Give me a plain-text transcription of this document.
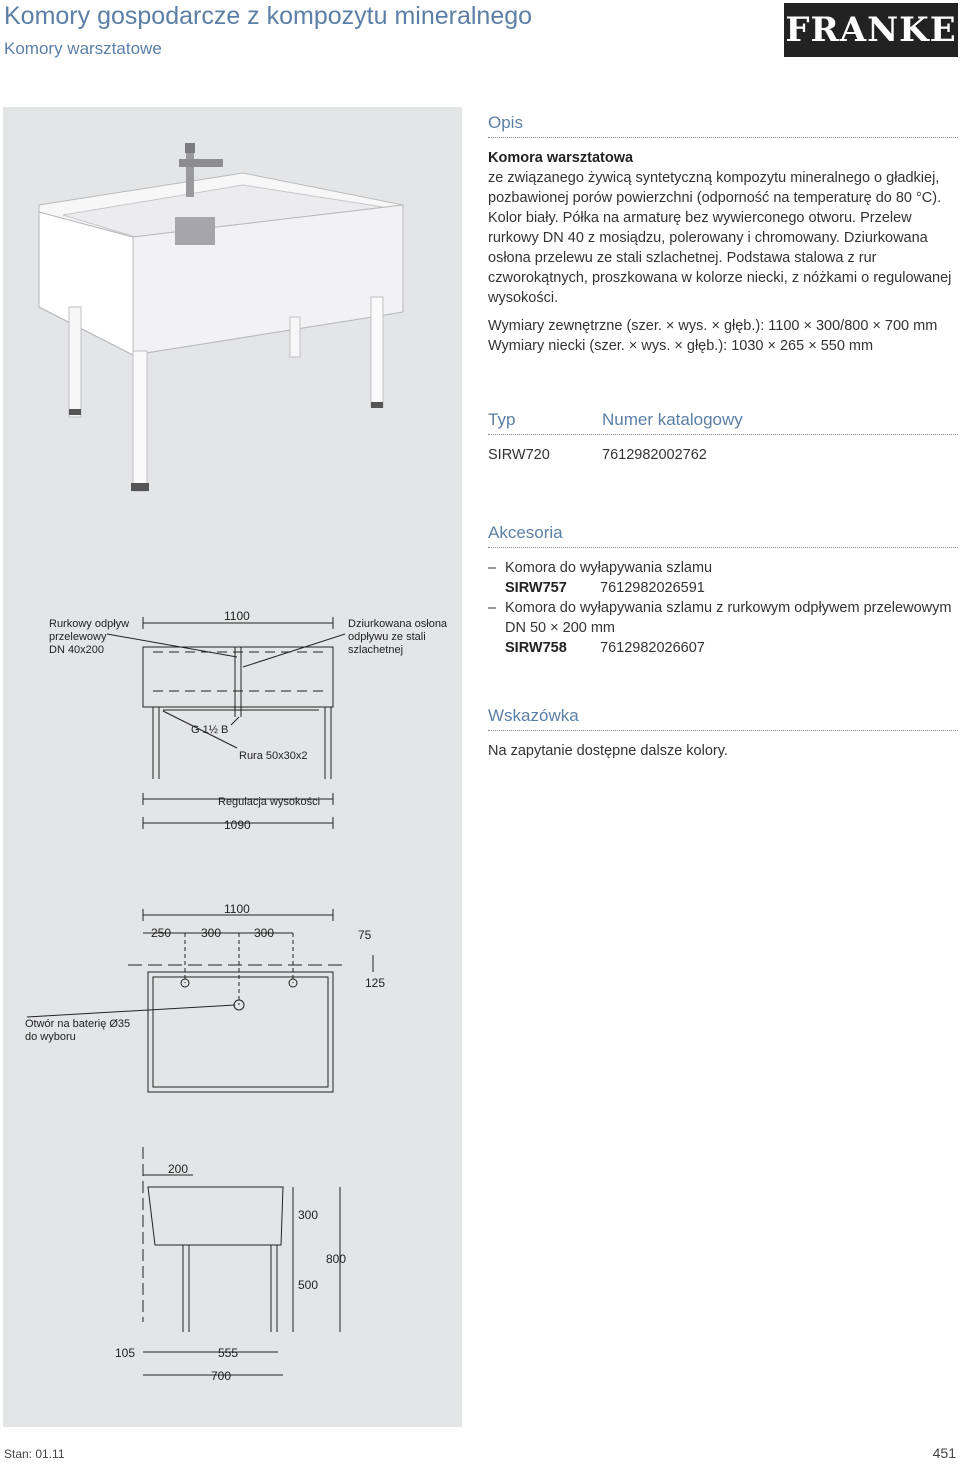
Komory gospodarcze z kompozytu mineralnego
Komory warsztatowe	FRANKE
Rurkowy odpływ
przelewowy
DN 40x200
1100
Dziurkowana osłona
odpływu ze stali
szlachetnej
G 1½ B
Rura 50x30x2
Regulacja wysokości
1090
1100
250 300	300	75
125
Otwór na baterię Ø35
do wyboru
200
300
800
500
105	555
700
Opis
Komora warsztatowa
ze związanego żywicą syntetyczną kompozytu mineralnego o gładkiej, pozbawionej porów powierzchni (odporność na temperaturę do 80 °C). Kolor biały. Półka na armaturę bez wywierconego otworu. Przelew rurkowy DN 40 z mosiądzu, polerowany i chromowany. Dziurkowana osłona przelewu ze stali szlachetnej. Podstawa stalowa z rur czworokątnych, proszkowana w kolorze niecki, z nóżkami o regulowanej wysokości.
Wymiary zewnętrzne (szer. × wys. × głęb.): 1100 × 300/800 × 700 mm
Wymiary niecki (szer. × wys. × głęb.): 1030 × 265 × 550 mm
Typ	Numer katalogowy
SIRW720	7612982002762
Akcesoria
– Komora do wyłapywania szlamu
SIRW757	7612982026591
– Komora do wyłapywania szlamu z rurkowym odpływem przelewowym
DN 50 × 200 mm
SIRW758	7612982026607
Wskazówka
Na zapytanie dostępne dalsze kolory.
Stan: 01.11	451
